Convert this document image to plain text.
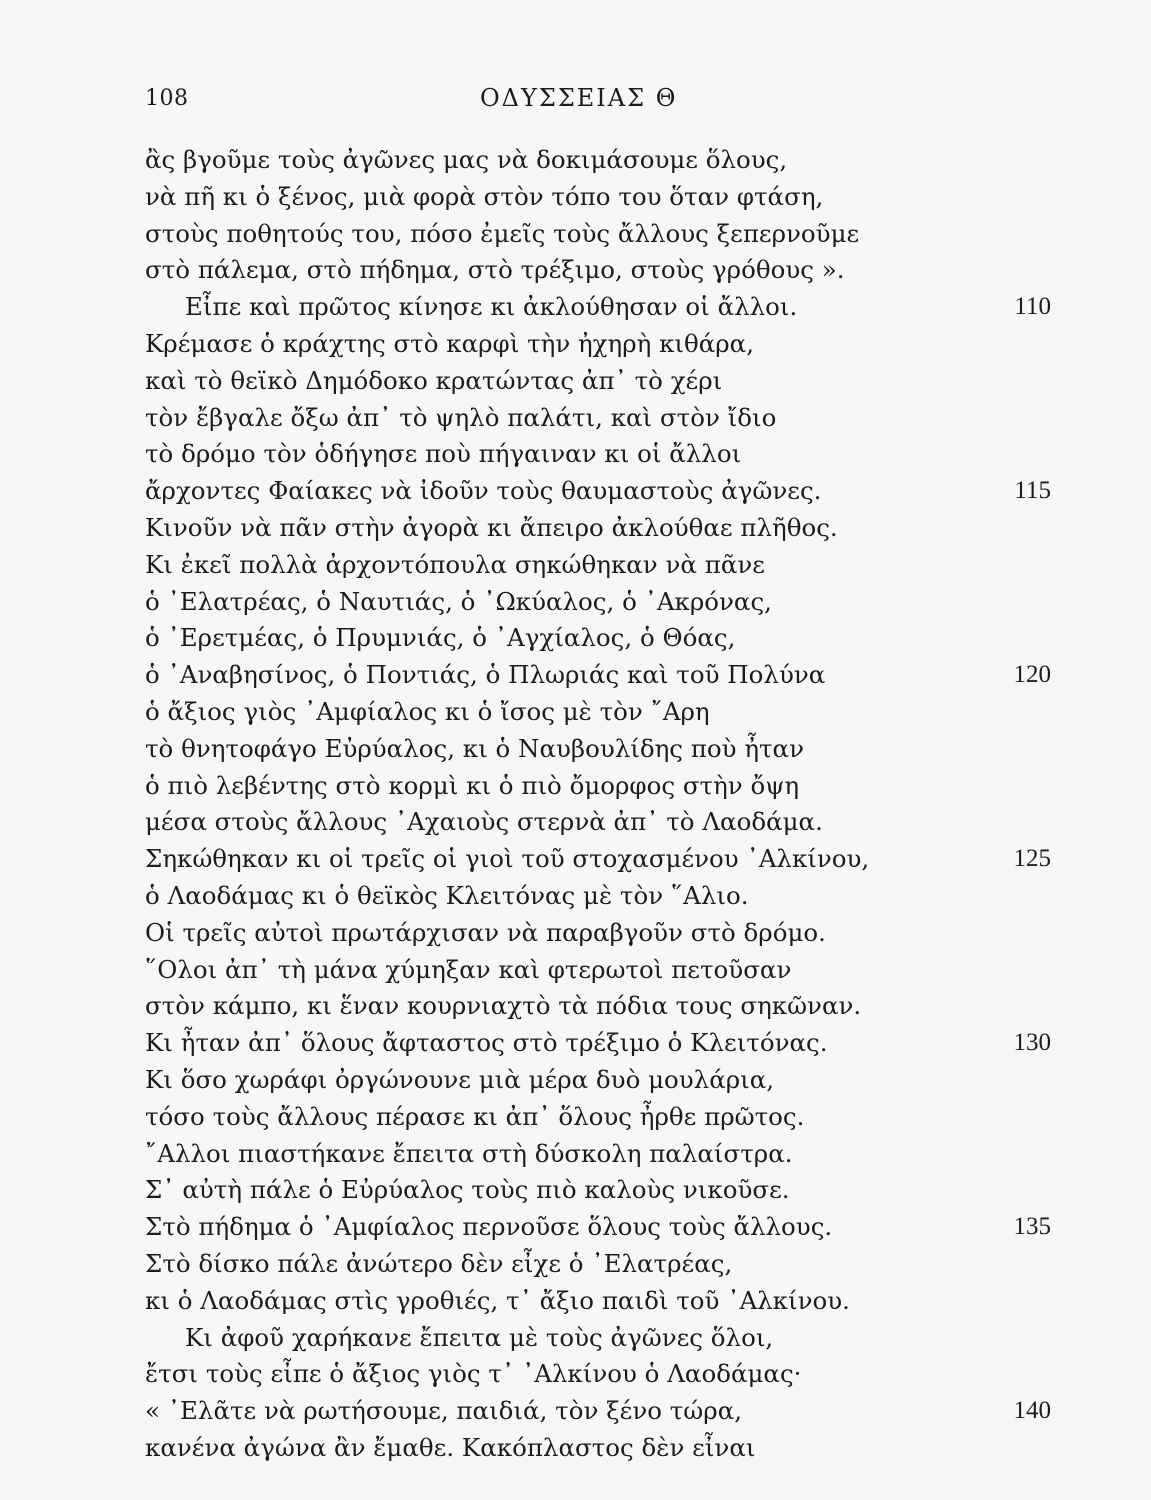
108	ΟΔΥΣΣΕΙΑΣ Θ
ἂς βγοῦμε τοὺς ἀγῶνες μας νὰ δοκιμάσουμε ὅλους,
νὰ πῆ κι ὁ ξένος, μιὰ φορὰ στὸν τόπο του ὅταν φτάση,
στοὺς ποθητούς του, πόσο ἐμεῖς τοὺς ἄλλους ξεπερνοῦμε
στὸ πάλεμα, στὸ πήδημα, στὸ τρέξιμο, στοὺς γρόθους ».
Εἶπε καὶ πρῶτος κίνησε κι ἀκλούθησαν οἱ ἄλλοι.	110
Κρέμασε ὁ κράχτης στὸ καρφὶ τὴν ἠχηρὴ κιθάρα,
καὶ τὸ θεϊκὸ Δημόδοκο κρατώντας ἀπ᾽ τὸ χέρι
τὸν ἔβγαλε ὄξω ἀπ᾽ τὸ ψηλὸ παλάτι, καὶ στὸν ἴδιο
τὸ δρόμο τὸν ὁδήγησε ποὺ πήγαιναν κι οἱ ἄλλοι
ἄρχοντες Φαίακες νὰ ἰδοῦν τοὺς θαυμαστοὺς ἀγῶνες.	115
Κινοῦν νὰ πᾶν στὴν ἀγορὰ κι ἄπειρο ἀκλούθαε πλῆθος.
Κι ἐκεῖ πολλὰ ἀρχοντόπουλα σηκώθηκαν νὰ πᾶνε
ὁ ᾿Ελατρέας, ὁ Ναυτιάς, ὁ ᾿Ωκύαλος, ὁ ᾿Ακρόνας,
ὁ ᾿Ερετμέας, ὁ Πρυμνιάς, ὁ ᾿Αγχίαλος, ὁ Θόας,
ὁ ᾿Αναβησίνος, ὁ Ποντιάς, ὁ Πλωριάς καὶ τοῦ Πολύνα	120
ὁ ἄξιος γιὸς ᾿Αμφίαλος κι ὁ ἴσος μὲ τὸν ῎Αρη
τὸ θνητοφάγο Εὐρύαλος, κι ὁ Ναυβουλίδης ποὺ ἦταν
ὁ πιὸ λεβέντης στὸ κορμὶ κι ὁ πιὸ ὄμορφος στὴν ὄψη
μέσα στοὺς ἄλλους ᾿Αχαιοὺς στερνὰ ἀπ᾽ τὸ Λαοδάμα.
Σηκώθηκαν κι οἱ τρεῖς οἱ γιοὶ τοῦ στοχασμένου ᾿Αλκίνου,	125
ὁ Λαοδάμας κι ὁ θεϊκὸς Κλειτόνας μὲ τὸν ῞Αλιο.
Οἱ τρεῖς αὐτοὶ πρωτάρχισαν νὰ παραβγοῦν στὸ δρόμο.
῞Ολοι ἀπ᾽ τὴ μάνα χύμηξαν καὶ φτερωτοὶ πετοῦσαν
στὸν κάμπο, κι ἕναν κουρνιαχτὸ τὰ πόδια τους σηκῶναν.
Κι ἦταν ἀπ᾽ ὅλους ἄφταστος στὸ τρέξιμο ὁ Κλειτόνας.	130
Κι ὅσο χωράφι ὀργώνουνε μιὰ μέρα δυὸ μουλάρια,
τόσο τοὺς ἄλλους πέρασε κι ἀπ᾽ ὅλους ἦρθε πρῶτος.
῎Αλλοι πιαστήκανε ἔπειτα στὴ δύσκολη παλαίστρα.
Σ᾽ αὐτὴ πάλε ὁ Εὐρύαλος τοὺς πιὸ καλοὺς νικοῦσε.
Στὸ πήδημα ὁ ᾿Αμφίαλος περνοῦσε ὅλους τοὺς ἄλλους.	135
Στὸ δίσκο πάλε ἀνώτερο δὲν εἶχε ὁ ᾿Ελατρέας,
κι ὁ Λαοδάμας στὶς γροθιές, τ᾽ ἄξιο παιδὶ τοῦ ᾿Αλκίνου.
Κι ἀφοῦ χαρήκανε ἔπειτα μὲ τοὺς ἀγῶνες ὅλοι,
ἔτσι τοὺς εἶπε ὁ ἄξιος γιὸς τ᾽ ᾿Αλκίνου ὁ Λαοδάμας·
« ᾿Ελᾶτε νὰ ρωτήσουμε, παιδιά, τὸν ξένο τώρα,	140
κανένα ἀγώνα ἂν ἔμαθε. Κακόπλαστος δὲν εἶναι
